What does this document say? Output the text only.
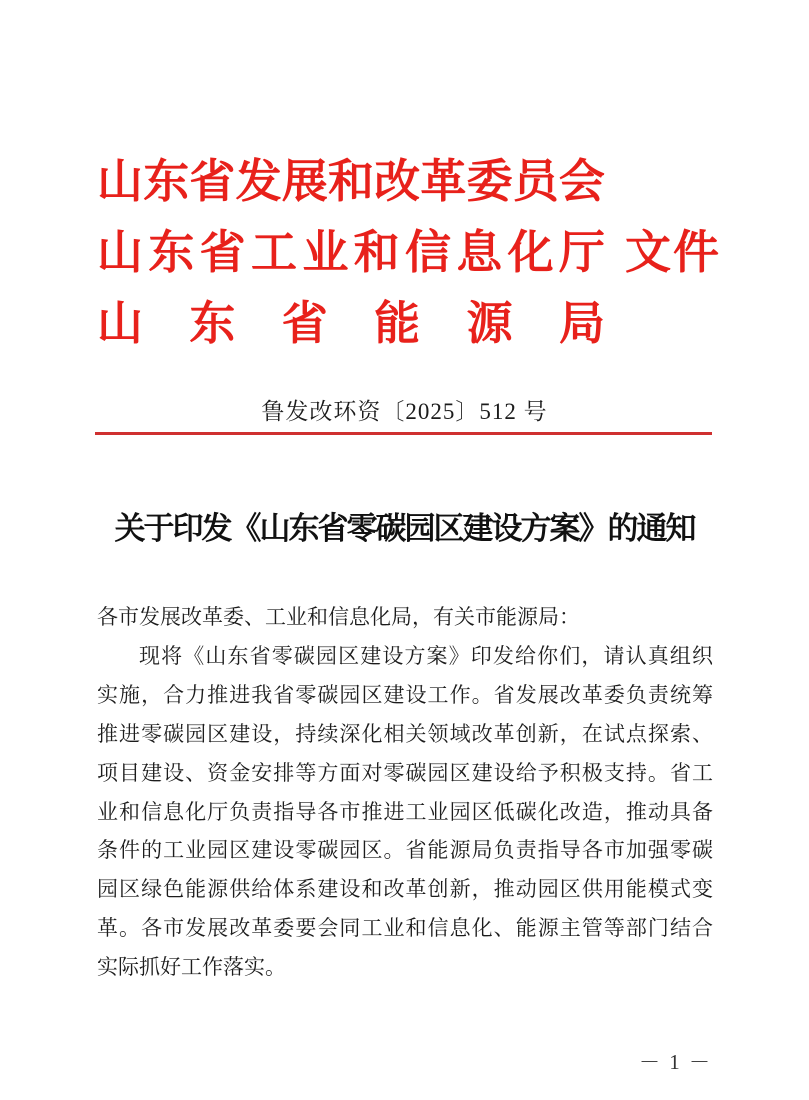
山 东 省 发 展 和 改 革 委 员 会
山 东 省 工 业 和 信 息 化 厅
山 东 省 能 源 局
文件
鲁发改环资〔2025〕512 号
关于印发《山东省零碳园区建设方案》的通知
各市发展改革委、工业和信息化局，有关市能源局：
现将《山东省零碳园区建设方案》印发给你们，请认真组织
实施，合力推进我省零碳园区建设工作。省发展改革委负责统筹
推进零碳园区建设，持续深化相关领域改革创新，在试点探索、
项目建设、资金安排等方面对零碳园区建设给予积极支持。省工
业和信息化厅负责指导各市推进工业园区低碳化改造，推动具备
条件的工业园区建设零碳园区。省能源局负责指导各市加强零碳
园区绿色能源供给体系建设和改革创新，推动园区供用能模式变
革。各市发展改革委要会同工业和信息化、能源主管等部门结合
实际抓好工作落实。
－ 1 －
